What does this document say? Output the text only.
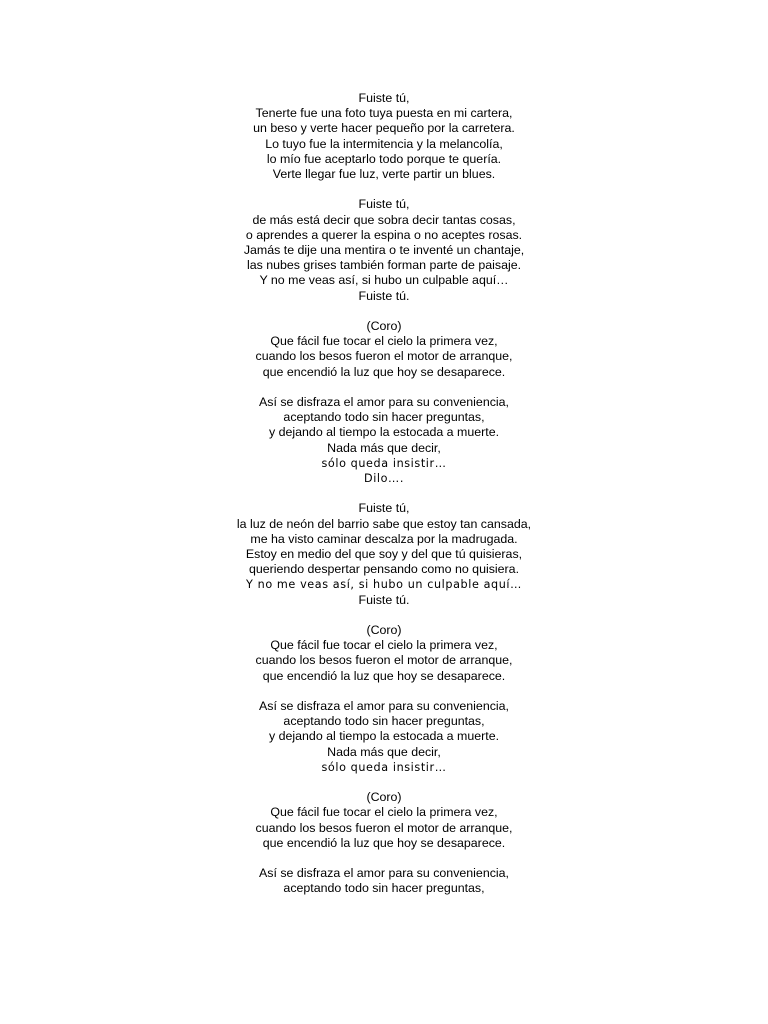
Fuiste tú,
Tenerte fue una foto tuya puesta en mi cartera,
un beso y verte hacer pequeño por la carretera.
Lo tuyo fue la intermitencia y la melancolía,
lo mío fue aceptarlo todo porque te quería.
Verte llegar fue luz, verte partir un blues.
Fuiste tú,
de más está decir que sobra decir tantas cosas,
o aprendes a querer la espina o no aceptes rosas.
Jamás te dije una mentira o te inventé un chantaje,
las nubes grises también forman parte de paisaje.
Y no me veas así, si hubo un culpable aquí…
Fuiste tú.
(Coro)
Que fácil fue tocar el cielo la primera vez,
cuando los besos fueron el motor de arranque,
que encendió la luz que hoy se desaparece.
Así se disfraza el amor para su conveniencia,
aceptando todo sin hacer preguntas,
y dejando al tiempo la estocada a muerte.
Nada más que decir,
sólo queda insistir…
Dilo….
Fuiste tú,
la luz de neón del barrio sabe que estoy tan cansada,
me ha visto caminar descalza por la madrugada.
Estoy en medio del que soy y del que tú quisieras,
queriendo despertar pensando como no quisiera.
Y no me veas así, si hubo un culpable aquí…
Fuiste tú.
(Coro)
Que fácil fue tocar el cielo la primera vez,
cuando los besos fueron el motor de arranque,
que encendió la luz que hoy se desaparece.
Así se disfraza el amor para su conveniencia,
aceptando todo sin hacer preguntas,
y dejando al tiempo la estocada a muerte.
Nada más que decir,
sólo queda insistir…
(Coro)
Que fácil fue tocar el cielo la primera vez,
cuando los besos fueron el motor de arranque,
que encendió la luz que hoy se desaparece.
Así se disfraza el amor para su conveniencia,
aceptando todo sin hacer preguntas,
